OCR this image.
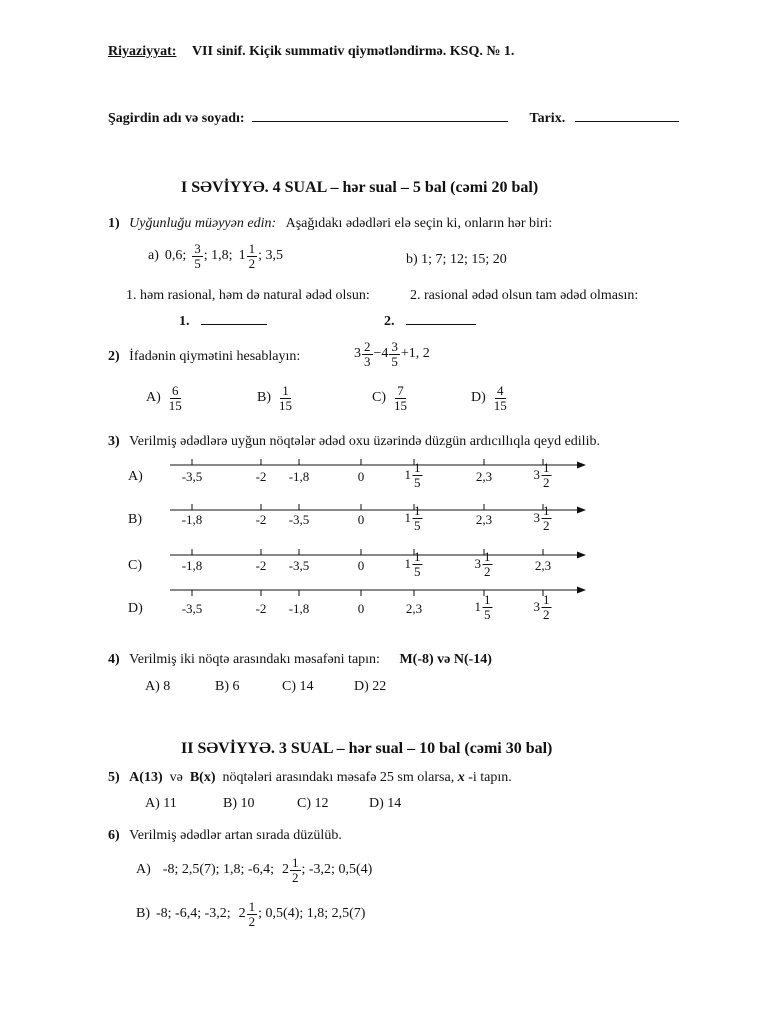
Riyaziyyat: VII sinif. Kiçik summativ qiymətləndirmə. KSQ. № 1.
Şagirdin adı və soyadı:	Tarix.
I SƏVİYYƏ. 4 SUAL – hər sual – 5 bal (cəmi 20 bal)
1) Uyğunluğu müəyyən edin: Aşağıdakı ədədləri elə seçin ki, onların hər biri:
a) 0,6; $\frac{3}{5}$ ; 1,8; $1 \frac{1}{2}$ ; 3,5	b) 1; 7; 12; 15; 20
1. həm rasional, həm də natural ədəd olsun:	2. rasional ədəd olsun tam ədəd olmasın:
1.	2.
2) İfadənin qiymətini hesablayın:	$3 \frac{2}{3} -4 \frac{3}{5} +1$, 2
$A) \frac{6}{15}$	$B) \frac{1}{15}$	$C) \frac{7}{15}$	$D) \frac{4}{15}$
3) Verilmiş ədədlərə uyğun nöqtələr ədəd oxu üzərində düzgün ardıcıllıqla qeyd edilib.
A)	-3,5	-2 -1,8	0	$1 \frac{1}{5}$	2,3	$3 \frac{1}{2}$
B)	-1,8	-2 -3,5	0	$1 \frac{1}{5}$	2,3	$3 \frac{1}{2}$
C)	-1,8	-2 -3,5	0	$1 \frac{1}{5}$	$3 \frac{1}{2}$	2,3
D)	-3,5	-2 -1,8	0	2,3	$1 \frac{1}{5}$	$3 \frac{1}{2}$
4) Verilmiş iki nöqtə arasındakı məsafəni tapın: M(-8) və N(-14)
A) 8	B) 6	C) 14	D) 22
II SƏVİYYƏ. 3 SUAL – hər sual – 10 bal (cəmi 30 bal)
5) A(13)  və  B(x)  nöqtələri arasındakı məsafə 25 sm olarsa, x -i tapın.
A) 11	B) 10	C) 12	D) 14
6) Verilmiş ədədlər artan sırada düzülüb.
A) -8; 2,5(7); 1,8; -6,4; $2 \frac{1}{2}$ ; -3,2; 0,5(4)
B) -8; -6,4; -3,2; $2 \frac{1}{2}$ ; 0,5(4); 1,8; 2,5(7)
